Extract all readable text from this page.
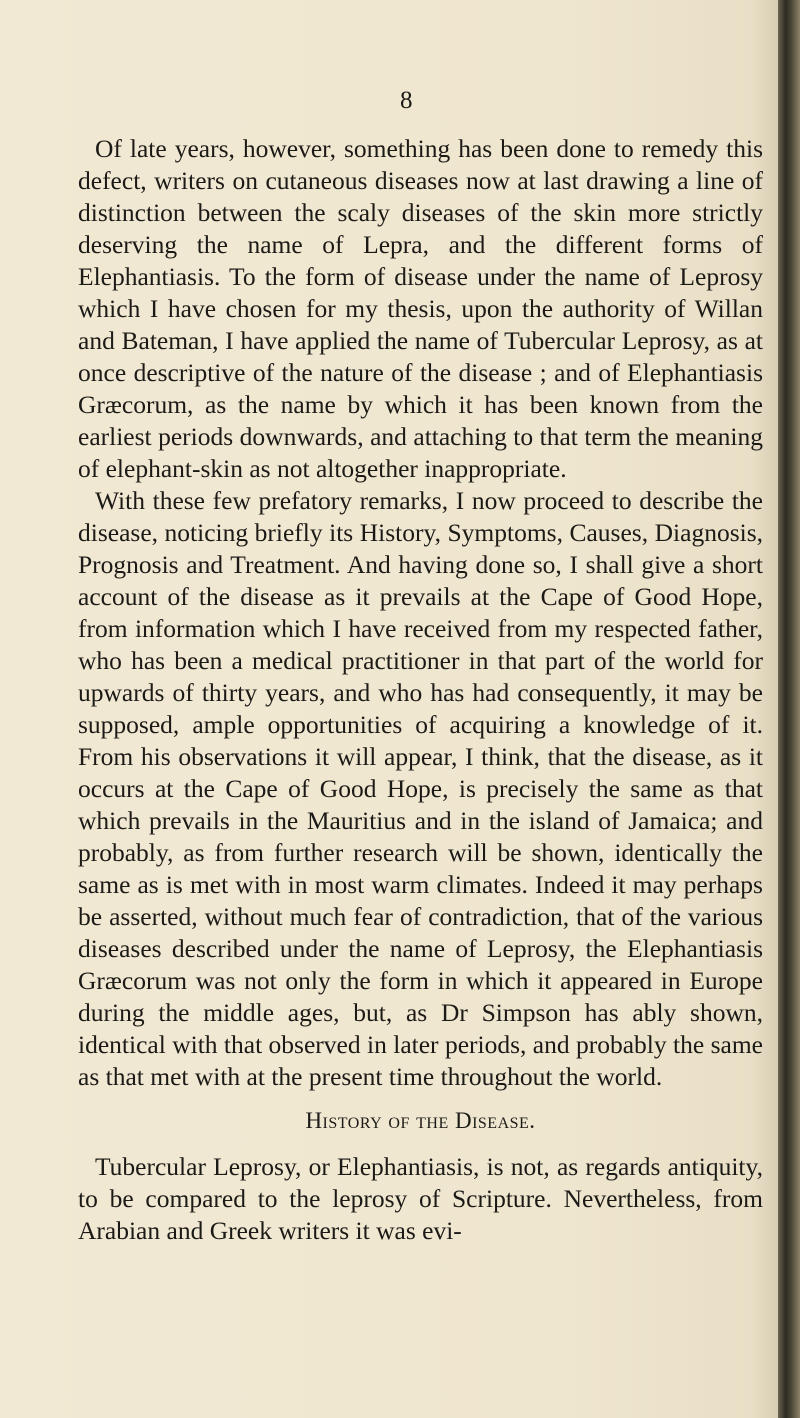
8

Of late years, however, something has been done to remedy this defect, writers on cutaneous diseases now at last drawing a line of distinction between the scaly diseases of the skin more strictly deserving the name of Lepra, and the different forms of Elephantiasis. To the form of disease under the name of Leprosy which I have chosen for my thesis, upon the authority of Willan and Bateman, I have applied the name of Tubercular Leprosy, as at once descriptive of the nature of the disease ; and of Elephantiasis Græcorum, as the name by which it has been known from the earliest periods downwards, and attaching to that term the meaning of elephant-skin as not altogether inappropriate.

With these few prefatory remarks, I now proceed to describe the disease, noticing briefly its History, Symptoms, Causes, Diagnosis, Prognosis and Treatment. And having done so, I shall give a short account of the disease as it prevails at the Cape of Good Hope, from information which I have received from my respected father, who has been a medical practitioner in that part of the world for upwards of thirty years, and who has had consequently, it may be supposed, ample opportunities of acquiring a knowledge of it. From his observations it will appear, I think, that the disease, as it occurs at the Cape of Good Hope, is precisely the same as that which prevails in the Mauritius and in the island of Jamaica; and probably, as from further research will be shown, identically the same as is met with in most warm climates. Indeed it may perhaps be asserted, without much fear of contradiction, that of the various diseases described under the name of Leprosy, the Elephantiasis Græcorum was not only the form in which it appeared in Europe during the middle ages, but, as Dr Simpson has ably shown, identical with that observed in later periods, and probably the same as that met with at the present time throughout the world.

History of the Disease.

Tubercular Leprosy, or Elephantiasis, is not, as regards antiquity, to be compared to the leprosy of Scripture. Nevertheless, from Arabian and Greek writers it was evi-
